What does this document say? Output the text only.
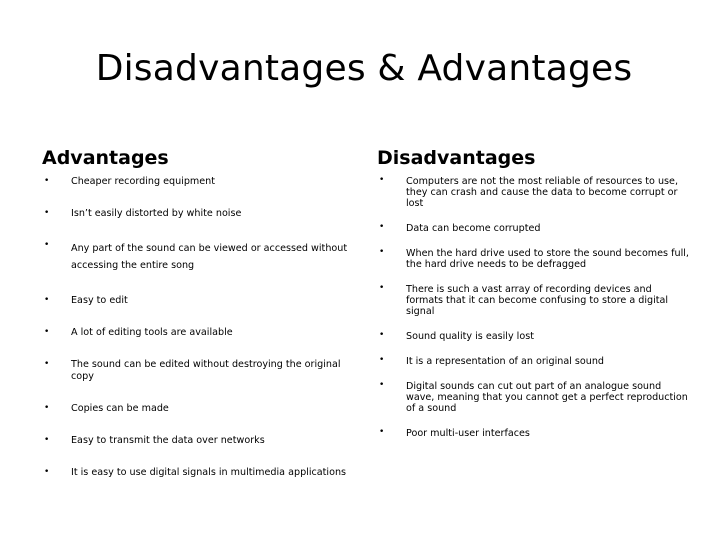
Disadvantages & Advantages
Advantages
• Cheaper recording equipment
• Isn’t easily distorted by white noise
• Any part of the sound can be viewed or accessed without accessing the entire song
• Easy to edit
• A lot of editing tools are available
• The sound can be edited without destroying the original copy
• Copies can be made
• Easy to transmit the data over networks
• It is easy to use digital signals in multimedia applications
Disadvantages
• Computers are not the most reliable of resources to use, they can crash and cause the data to become corrupt or lost
• Data can become corrupted
• When the hard drive used to store the sound becomes full, the hard drive needs to be defragged
• There is such a vast array of recording devices and formats that it can become confusing to store a digital signal
• Sound quality is easily lost
• It is a representation of an original sound
• Digital sounds can cut out part of an analogue sound wave, meaning that you cannot get a perfect reproduction of a sound
• Poor multi-user interfaces
